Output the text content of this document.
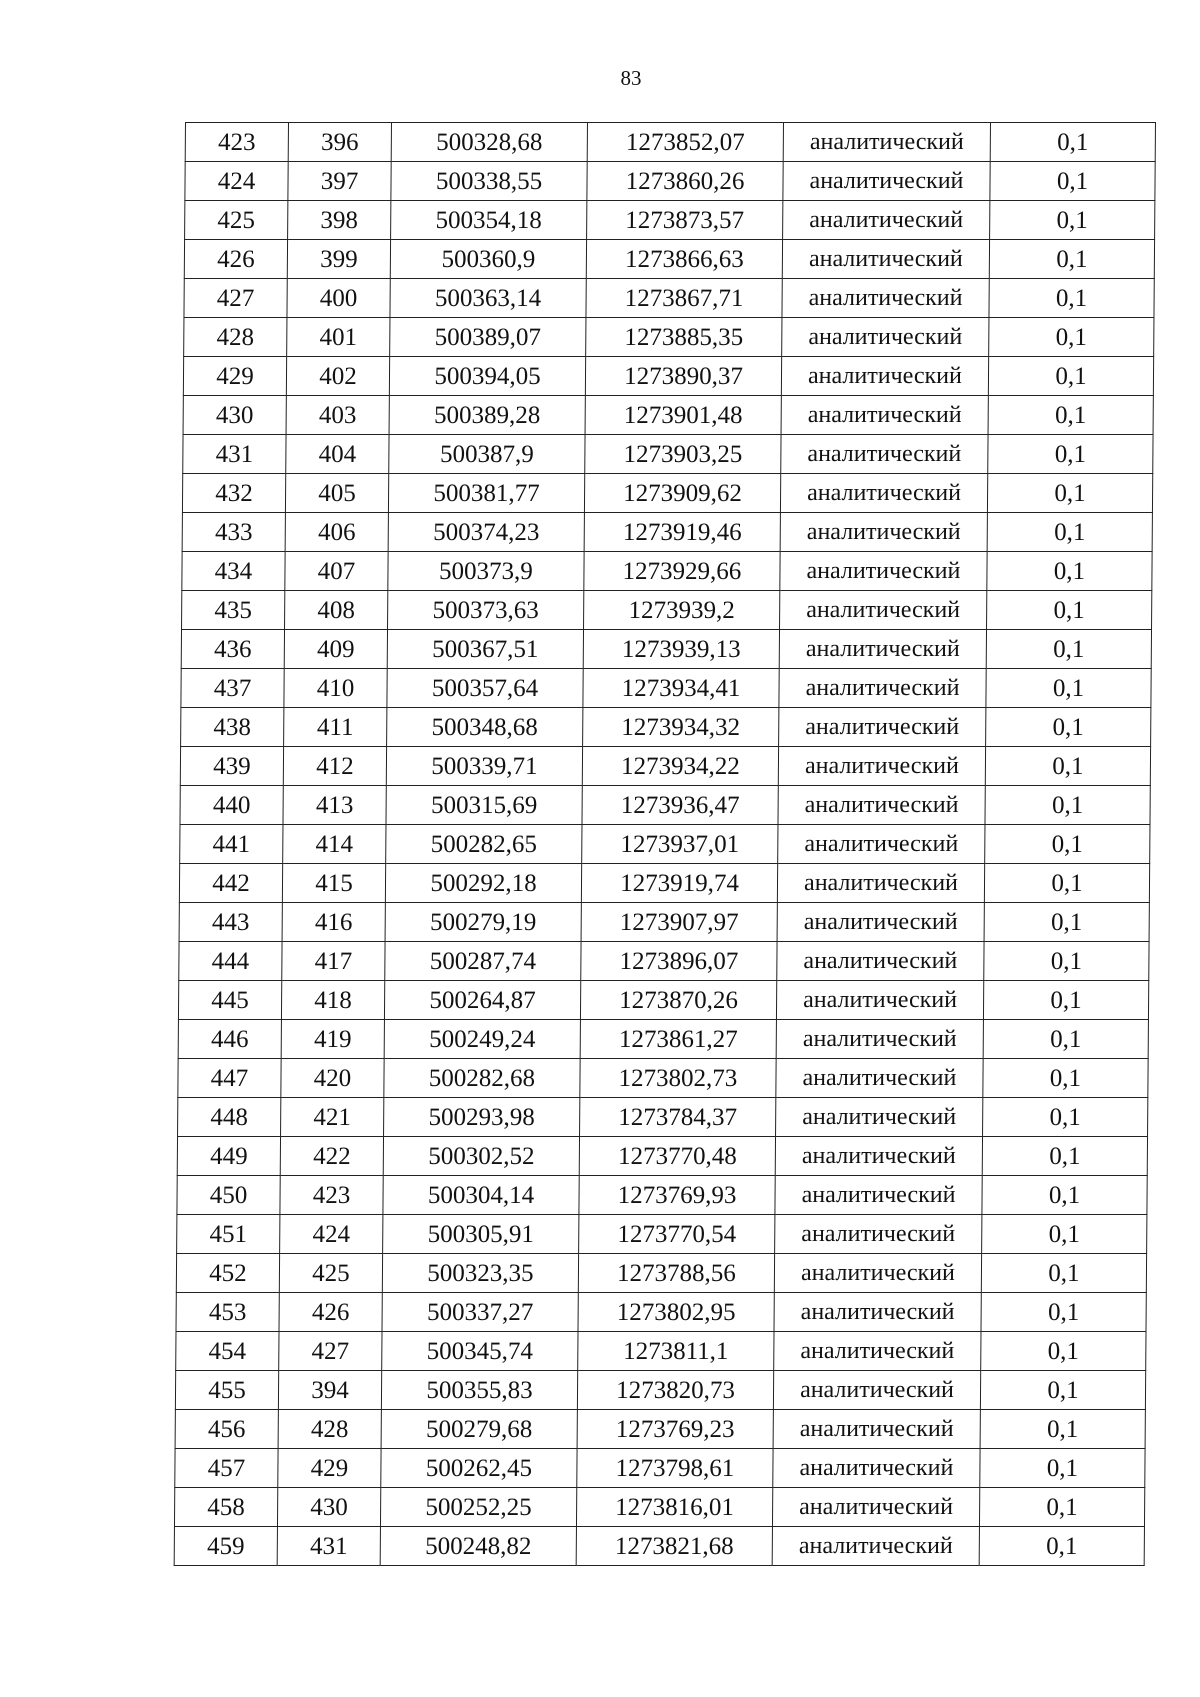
83
423	396	500328,68	1273852,07	аналитический	0,1
424	397	500338,55	1273860,26	аналитический	0,1
425	398	500354,18	1273873,57	аналитический	0,1
426	399	500360,9	1273866,63	аналитический	0,1
427	400	500363,14	1273867,71	аналитический	0,1
428	401	500389,07	1273885,35	аналитический	0,1
429	402	500394,05	1273890,37	аналитический	0,1
430	403	500389,28	1273901,48	аналитический	0,1
431	404	500387,9	1273903,25	аналитический	0,1
432	405	500381,77	1273909,62	аналитический	0,1
433	406	500374,23	1273919,46	аналитический	0,1
434	407	500373,9	1273929,66	аналитический	0,1
435	408	500373,63	1273939,2	аналитический	0,1
436	409	500367,51	1273939,13	аналитический	0,1
437	410	500357,64	1273934,41	аналитический	0,1
438	411	500348,68	1273934,32	аналитический	0,1
439	412	500339,71	1273934,22	аналитический	0,1
440	413	500315,69	1273936,47	аналитический	0,1
441	414	500282,65	1273937,01	аналитический	0,1
442	415	500292,18	1273919,74	аналитический	0,1
443	416	500279,19	1273907,97	аналитический	0,1
444	417	500287,74	1273896,07	аналитический	0,1
445	418	500264,87	1273870,26	аналитический	0,1
446	419	500249,24	1273861,27	аналитический	0,1
447	420	500282,68	1273802,73	аналитический	0,1
448	421	500293,98	1273784,37	аналитический	0,1
449	422	500302,52	1273770,48	аналитический	0,1
450	423	500304,14	1273769,93	аналитический	0,1
451	424	500305,91	1273770,54	аналитический	0,1
452	425	500323,35	1273788,56	аналитический	0,1
453	426	500337,27	1273802,95	аналитический	0,1
454	427	500345,74	1273811,1	аналитический	0,1
455	394	500355,83	1273820,73	аналитический	0,1
456	428	500279,68	1273769,23	аналитический	0,1
457	429	500262,45	1273798,61	аналитический	0,1
458	430	500252,25	1273816,01	аналитический	0,1
459	431	500248,82	1273821,68	аналитический	0,1
